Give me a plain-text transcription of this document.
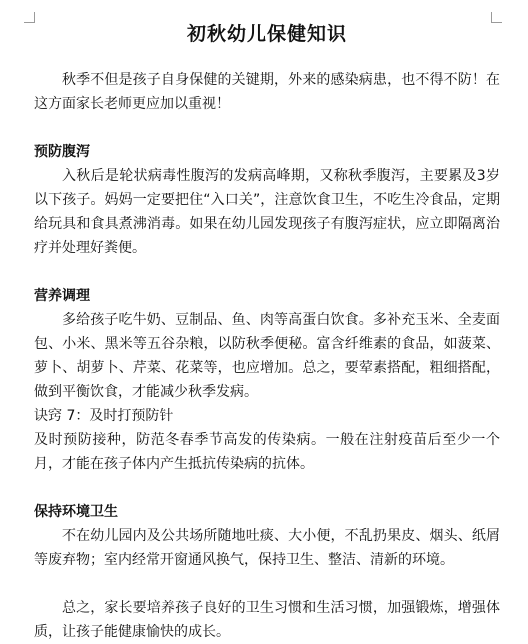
初秋幼儿保健知识

秋季不但是孩子自身保健的关键期，外来的感染病患，也不得不防！在这方面家长老师更应加以重视！

预防腹泻

入秋后是轮状病毒性腹泻的发病高峰期，又称秋季腹泻，主要累及3岁以下孩子。妈妈一定要把住“入口关”，注意饮食卫生，不吃生冷食品，定期给玩具和食具煮沸消毒。如果在幼儿园发现孩子有腹泻症状，应立即隔离治疗并处理好粪便。

营养调理

多给孩子吃牛奶、豆制品、鱼、肉等高蛋白饮食。多补充玉米、全麦面包、小米、黑米等五谷杂粮，以防秋季便秘。富含纤维素的食品，如菠菜、萝卜、胡萝卜、芹菜、花菜等，也应增加。总之，要荤素搭配，粗细搭配，做到平衡饮食，才能减少秋季发病。

诀窍 7：及时打预防针

及时预防接种，防范冬春季节高发的传染病。一般在注射疫苗后至少一个月，才能在孩子体内产生抵抗传染病的抗体。

保持环境卫生

不在幼儿园内及公共场所随地吐痰、大小便，不乱扔果皮、烟头、纸屑等废弃物；室内经常开窗通风换气，保持卫生、整洁、清新的环境。

总之，家长要培养孩子良好的卫生习惯和生活习惯，加强锻炼，增强体质，让孩子能健康愉快的成长。
